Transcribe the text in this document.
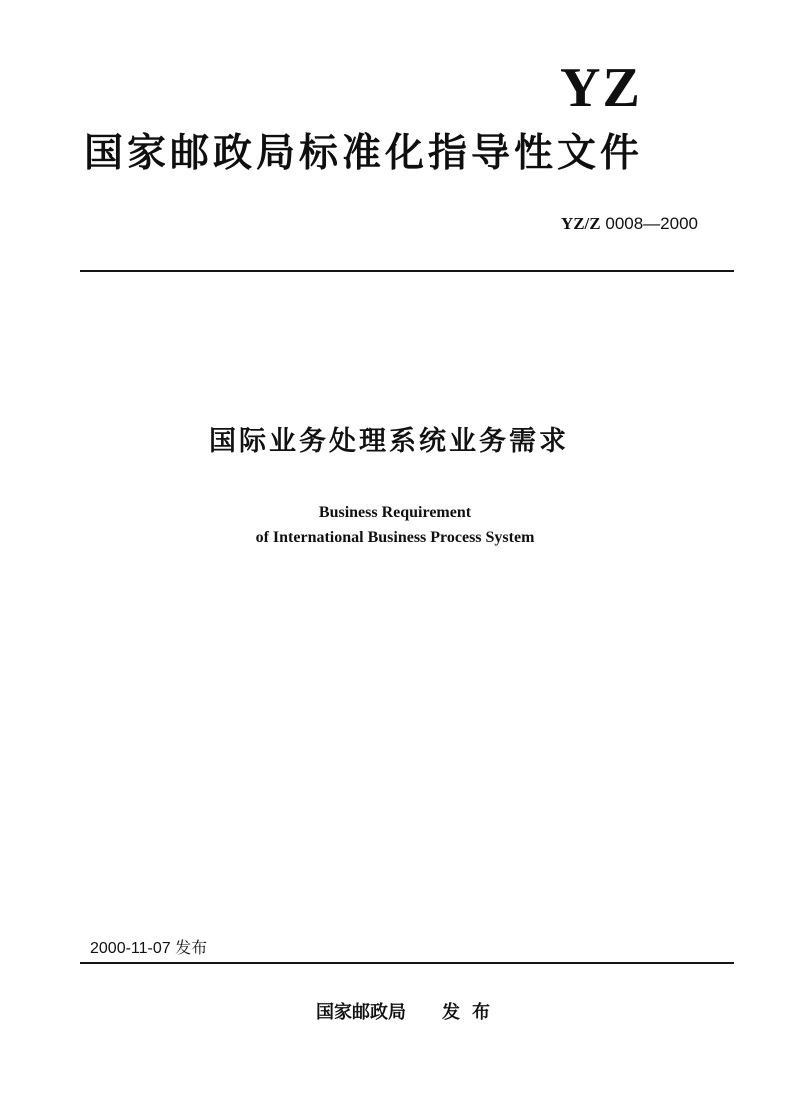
YZ
国家邮政局标准化指导性文件
YZ/Z 0008—2000
国际业务处理系统业务需求
Business Requirement
of International Business Process System
2000-11-07 发布
国家邮政局 发布
